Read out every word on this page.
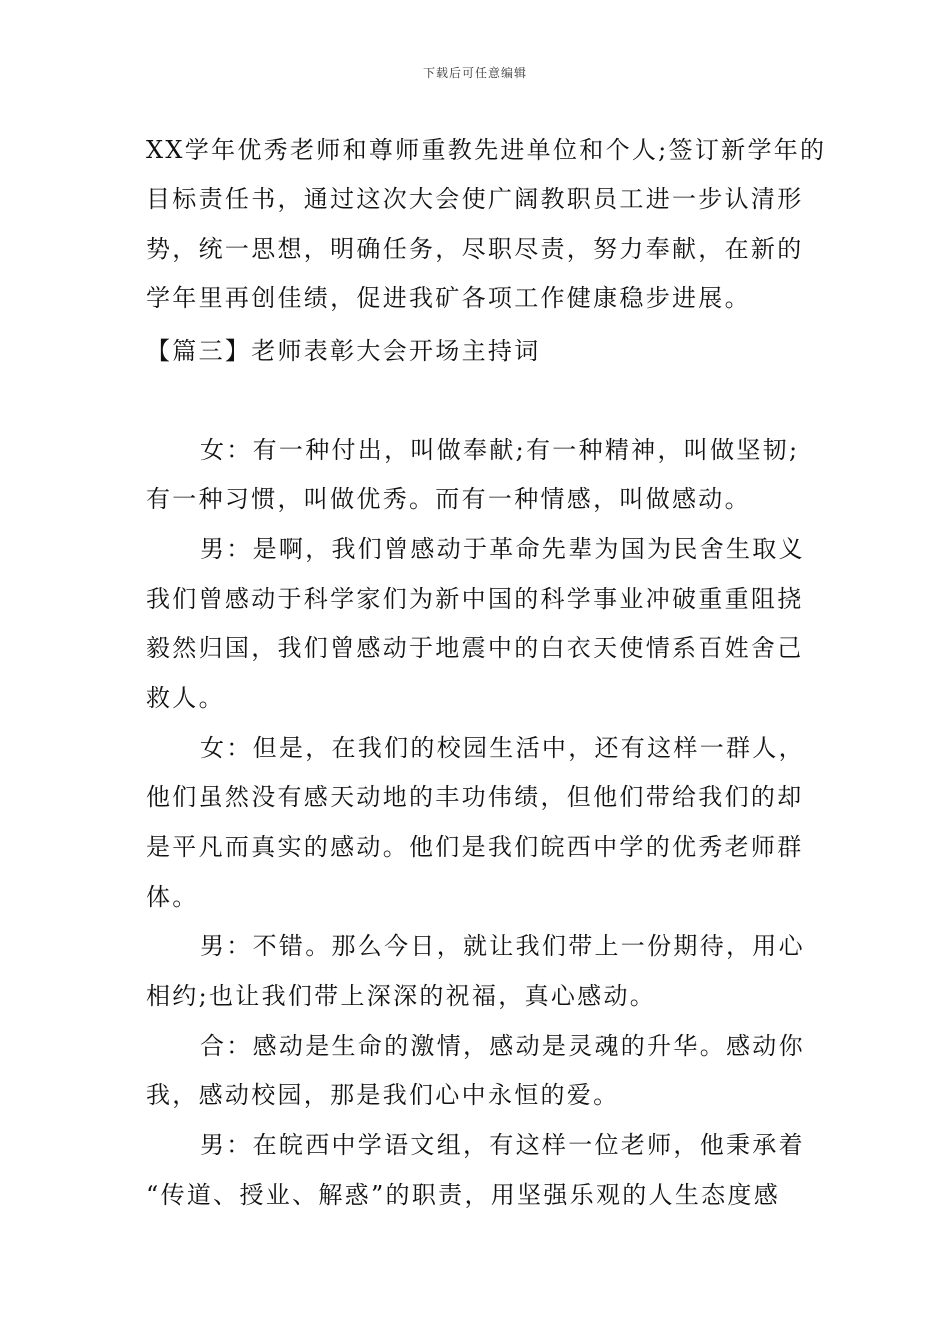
下载后可任意编辑
XX学年优秀老师和尊师重教先进单位和个人;签订新学年的
目标责任书，通过这次大会使广阔教职员工进一步认清形
势，统一思想，明确任务，尽职尽责，努力奉献，在新的
学年里再创佳绩，促进我矿各项工作健康稳步进展。
【篇三】老师表彰大会开场主持词
女：有一种付出，叫做奉献;有一种精神，叫做坚韧;
有一种习惯，叫做优秀。而有一种情感，叫做感动。
男：是啊，我们曾感动于革命先辈为国为民舍生取义
我们曾感动于科学家们为新中国的科学事业冲破重重阻挠
毅然归国，我们曾感动于地震中的白衣天使情系百姓舍己
救人。
女：但是，在我们的校园生活中，还有这样一群人，
他们虽然没有感天动地的丰功伟绩，但他们带给我们的却
是平凡而真实的感动。他们是我们皖西中学的优秀老师群
体。
男：不错。那么今日，就让我们带上一份期待，用心
相约;也让我们带上深深的祝福，真心感动。
合：感动是生命的激情，感动是灵魂的升华。感动你
我，感动校园，那是我们心中永恒的爱。
男：在皖西中学语文组，有这样一位老师，他秉承着
“传道、授业、解惑”的职责，用坚强乐观的人生态度感
